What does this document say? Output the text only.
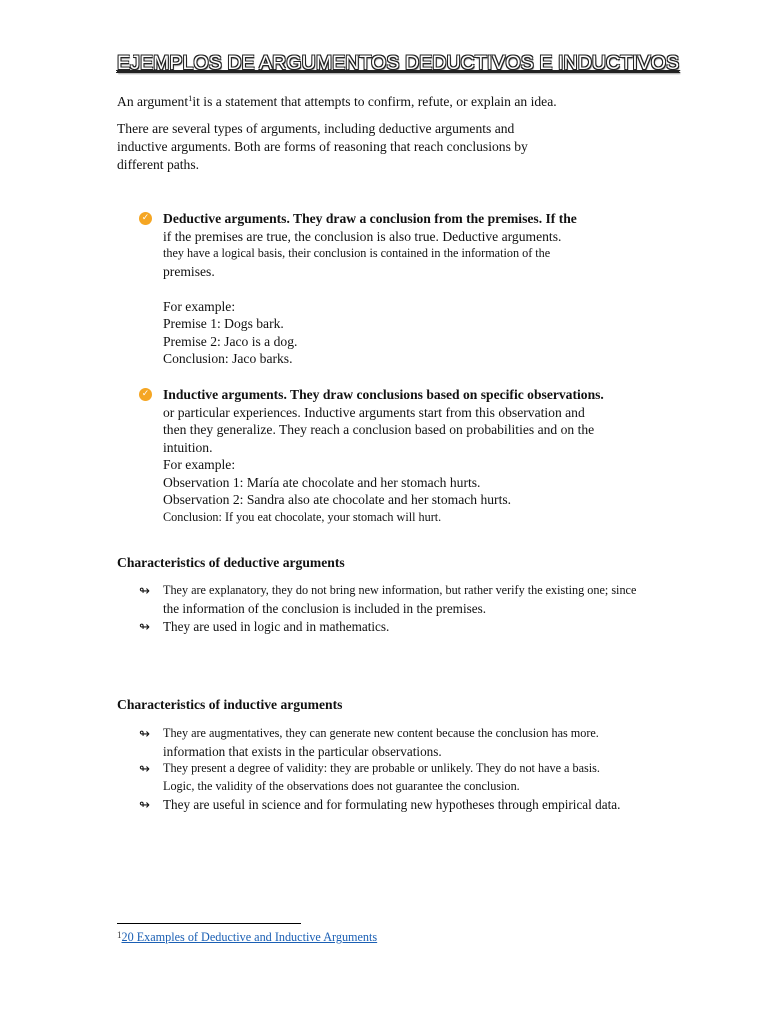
EJEMPLOS DE ARGUMENTOS DEDUCTIVOS E INDUCTIVOS

An argument$^1$it is a statement that attempts to confirm, refute, or explain an idea.

There are several types of arguments, including deductive arguments and
inductive arguments. Both are forms of reasoning that reach conclusions by
different paths.

✓ Deductive arguments. They draw a conclusion from the premises. If the
if the premises are true, the conclusion is also true. Deductive arguments.
they have a logical basis, their conclusion is contained in the information of the
premises.

For example:
Premise 1: Dogs bark.
Premise 2: Jaco is a dog.
Conclusion: Jaco barks.
✓ Inductive arguments. They draw conclusions based on specific observations.
or particular experiences. Inductive arguments start from this observation and
then they generalize. They reach a conclusion based on probabilities and on the
intuition.
For example:
Observation 1: María ate chocolate and her stomach hurts.
Observation 2: Sandra also ate chocolate and her stomach hurts.
Conclusion: If you eat chocolate, your stomach will hurt.
Characteristics of deductive arguments
↬ They are explanatory, they do not bring new information, but rather verify the existing one; since
the information of the conclusion is included in the premises.
↬ They are used in logic and in mathematics.
Characteristics of inductive arguments
↬ They are augmentatives, they can generate new content because the conclusion has more.
information that exists in the particular observations.
↬ They present a degree of validity: they are probable or unlikely. They do not have a basis.
Logic, the validity of the observations does not guarantee the conclusion.
↬ They are useful in science and for formulating new hypotheses through empirical data.
$^1$20 Examples of Deductive and Inductive Arguments
